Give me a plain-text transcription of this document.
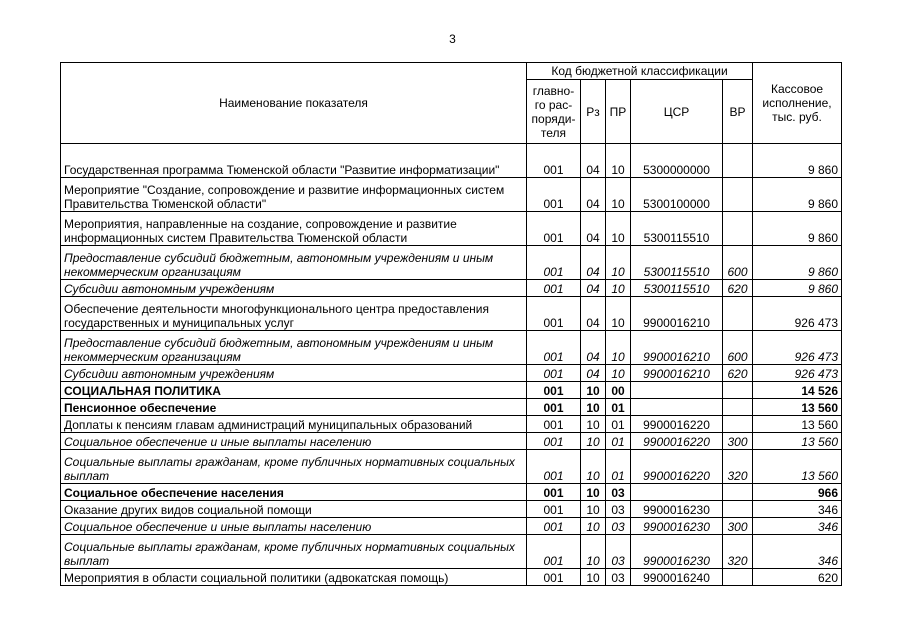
3
Наименование показателя	Код бюджетной классификации					Кассовое исполнение, тыс. руб.
	главно-го рас-поряди-теля	Рз	ПР	ЦСР	ВР	
Государственная программа Тюменской области "Развитие информатизации"	001	04	10	5300000000		9 860
Мероприятие "Создание, сопровождение и развитие информационных систем Правительства Тюменской области"	001	04	10	5300100000		9 860
Мероприятия, направленные на создание, сопровождение и развитие информационных систем Правительства Тюменской области	001	04	10	5300115510		9 860
Предоставление субсидий бюджетным, автономным учреждениям и иным некоммерческим организациям	001	04	10	5300115510	600	9 860
Субсидии автономным учреждениям	001	04	10	5300115510	620	9 860
Обеспечение деятельности многофункционального центра предоставления государственных и муниципальных услуг	001	04	10	9900016210		926 473
Предоставление субсидий бюджетным, автономным учреждениям и иным некоммерческим организациям	001	04	10	9900016210	600	926 473
Субсидии автономным учреждениям	001	04	10	9900016210	620	926 473
СОЦИАЛЬНАЯ ПОЛИТИКА	001	10	00			14 526
Пенсионное обеспечение	001	10	01			13 560
Доплаты к пенсиям главам администраций муниципальных образований	001	10	01	9900016220		13 560
Социальное обеспечение и иные выплаты населению	001	10	01	9900016220	300	13 560
Социальные выплаты гражданам, кроме публичных нормативных социальных выплат	001	10	01	9900016220	320	13 560
Социальное обеспечение населения	001	10	03			966
Оказание других видов социальной помощи	001	10	03	9900016230		346
Социальное обеспечение и иные выплаты населению	001	10	03	9900016230	300	346
Социальные выплаты гражданам, кроме публичных нормативных социальных выплат	001	10	03	9900016230	320	346
Мероприятия в области социальной политики (адвокатская помощь)	001	10	03	9900016240		620
